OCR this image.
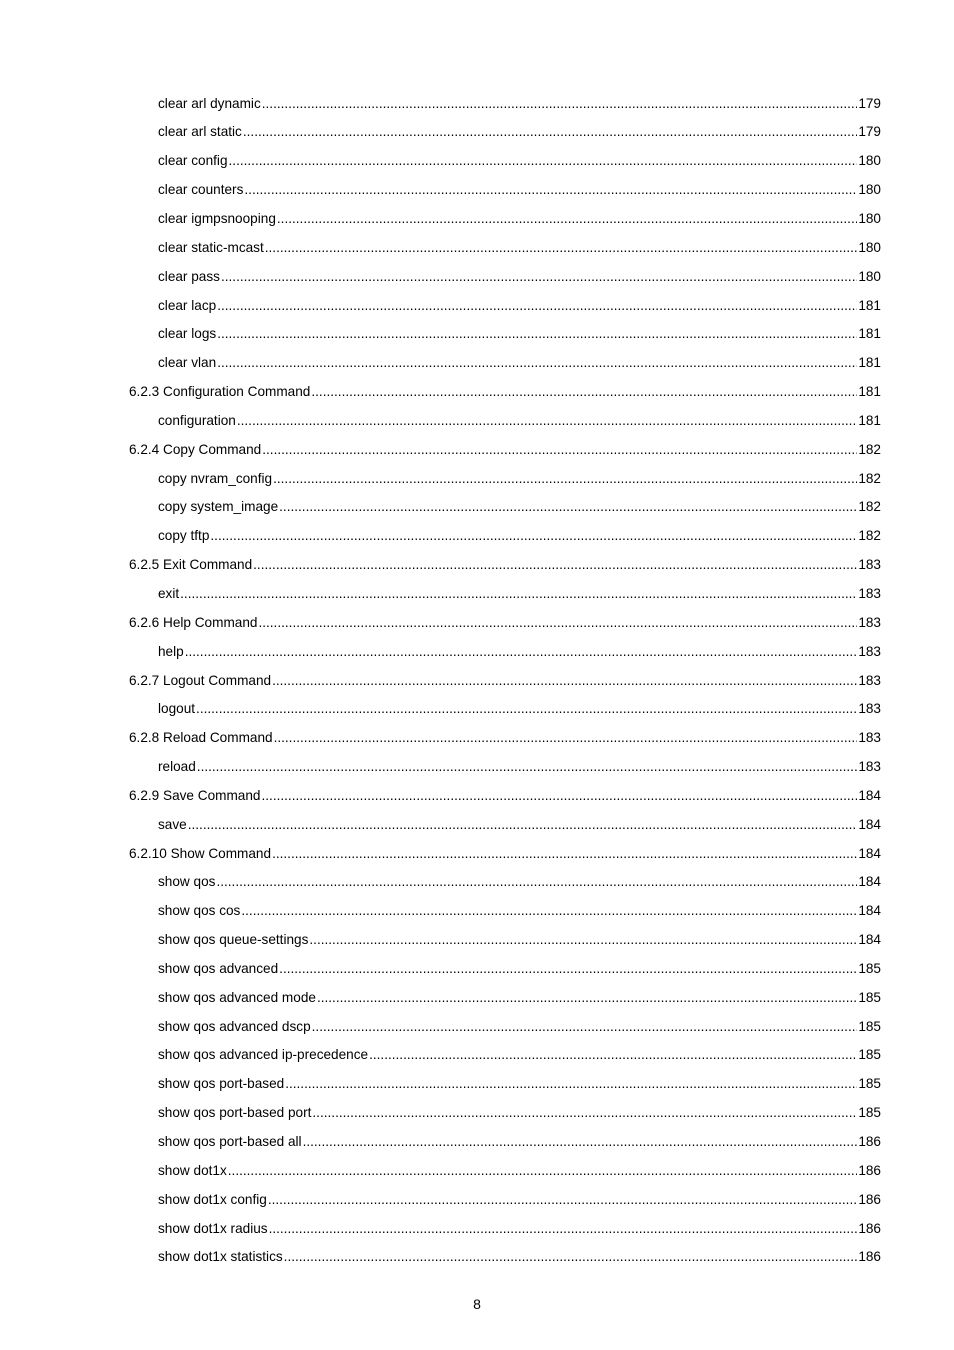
clear arl dynamic .....	179
clear arl static .....	179
clear config .....	180
clear counters .....	180
clear igmpsnooping .....	180
clear static-mcast .....	180
clear pass .....	180
clear lacp .....	181
clear logs .....	181
clear vlan .....	181
6.2.3 Configuration Command .....	181
configuration .....	181
6.2.4 Copy Command .....	182
copy nvram_config .....	182
copy system_image .....	182
copy tftp .....	182
6.2.5 Exit Command .....	183
exit .....	183
6.2.6 Help Command .....	183
help .....	183
6.2.7 Logout Command .....	183
logout .....	183
6.2.8 Reload Command .....	183
reload .....	183
6.2.9 Save Command .....	184
save .....	184
6.2.10 Show Command .....	184
show qos .....	184
show qos cos .....	184
show qos queue-settings .....	184
show qos advanced .....	185
show qos advanced mode .....	185
show qos advanced dscp .....	185
show qos advanced ip-precedence .....	185
show qos port-based .....	185
show qos port-based port .....	185
show qos port-based all .....	186
show dot1x .....	186
show dot1x config .....	186
show dot1x radius .....	186
show dot1x statistics .....	186
8
